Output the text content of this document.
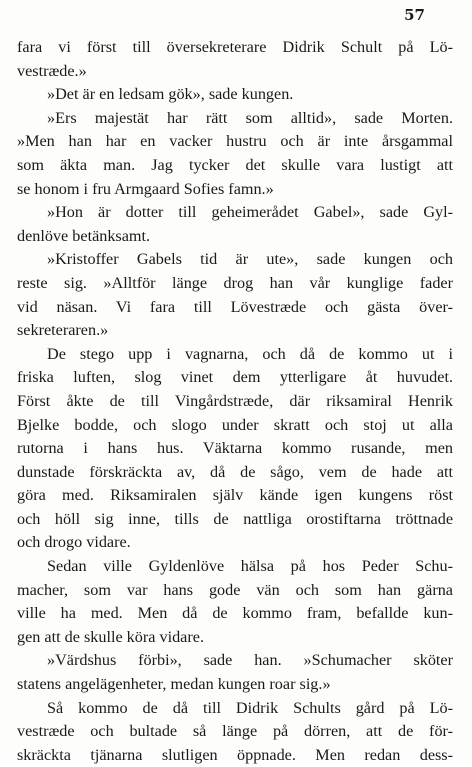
57
fara vi först till översekreterare Didrik Schult på Lö-
vestræde.»
»Det är en ledsam gök», sade kungen.
»Ers majestät har rätt som alltid», sade Morten.
»Men han har en vacker hustru och är inte årsgammal
som äkta man. Jag tycker det skulle vara lustigt att
se honom i fru Armgaard Sofies famn.»
»Hon är dotter till geheimerådet Gabel», sade Gyl-
denlöve betänksamt.
»Kristoffer Gabels tid är ute», sade kungen och
reste sig. »Alltför länge drog han vår kunglige fader
vid näsan. Vi fara till Lövestræde och gästa över-
sekreteraren.»
De stego upp i vagnarna, och då de kommo ut i
friska luften, slog vinet dem ytterligare åt huvudet.
Först åkte de till Vingårdstræde, där riksamiral Henrik
Bjelke bodde, och slogo under skratt och stoj ut alla
rutorna i hans hus. Väktarna kommo rusande, men
dunstade förskräckta av, då de sågo, vem de hade att
göra med. Riksamiralen själv kände igen kungens röst
och höll sig inne, tills de nattliga orostiftarna tröttnade
och drogo vidare.
Sedan ville Gyldenlöve hälsa på hos Peder Schu-
macher, som var hans gode vän och som han gärna
ville ha med. Men då de kommo fram, befallde kun-
gen att de skulle köra vidare.
»Värdshus förbi», sade han. »Schumacher sköter
statens angelägenheter, medan kungen roar sig.»
Så kommo de då till Didrik Schults gård på Lö-
vestræde och bultade så länge på dörren, att de för-
skräckta tjänarna slutligen öppnade. Men redan dess-
